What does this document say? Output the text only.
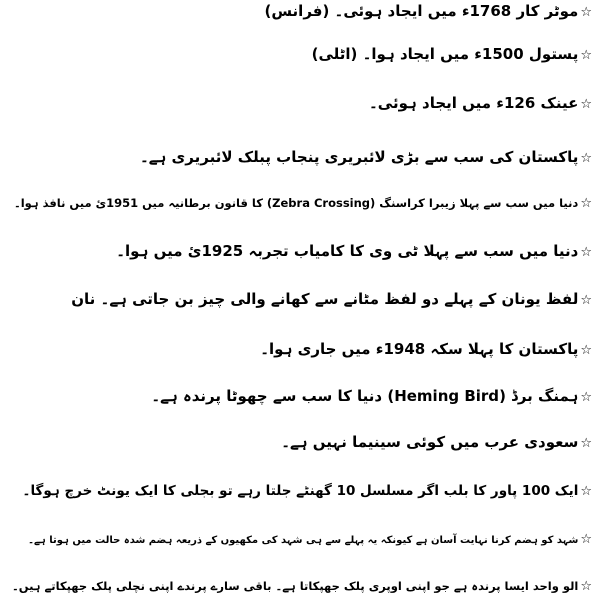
☆موٹر کار 1768ء میں ایجاد ہوئی۔ (فرانس)
☆پستول 1500ء میں ایجاد ہوا۔ (اٹلی)
☆عینک 126ء میں ایجاد ہوئی۔
☆پاکستان کی سب سے بڑی لائبریری پنجاب پبلک لائبریری ہے۔
☆دنیا میں سب سے پہلا زیبرا کراسنگ (Zebra Crossing) کا قانون برطانیہ میں 1951ئ میں نافذ ہوا۔
☆دنیا میں سب سے پہلا ٹی وی کا کامیاب تجربہ 1925ئ میں ہوا۔
☆لفظ یونان کے پہلے دو لفظ مٹانے سے کھانے والی چیز بن جاتی ہے۔ نان
☆پاکستان کا پہلا سکہ 1948ء میں جاری ہوا۔
☆ہمنگ برڈ (Heming Bird) دنیا کا سب سے چھوٹا پرندہ ہے۔
☆سعودی عرب میں کوئی سینیما نہیں ہے۔
☆ایک 100 پاور کا بلب اگر مسلسل 10 گھنٹے جلتا رہے تو بجلی کا ایک یونٹ خرچ ہوگا۔
☆شہد کو ہضم کرنا نہایت آسان ہے کیونکہ یہ پہلے سے ہی شہد کی مکھیوں کے ذریعہ ہضم شدہ حالت میں ہوتا ہے۔
☆الو واحد ایسا پرندہ ہے جو اپنی اوپری پلک جھپکاتا ہے۔ باقی سارے پرندے اپنی نچلی پلک جھپکاتے ہیں۔
